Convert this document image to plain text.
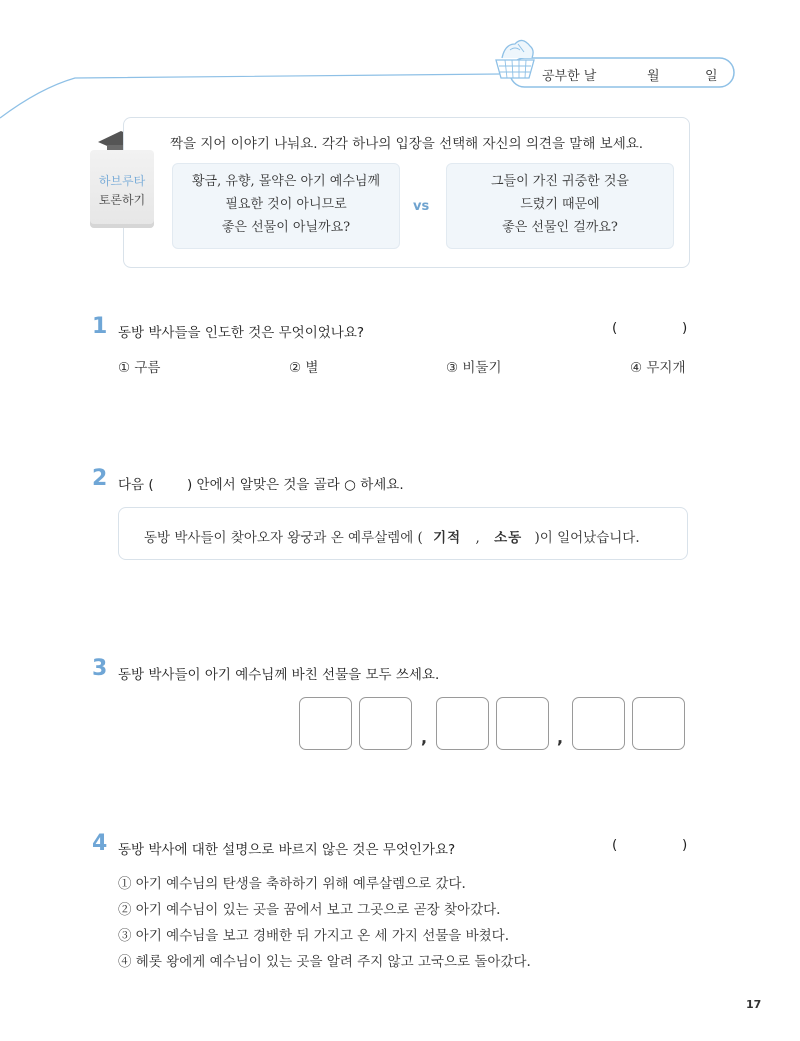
공부한 날	월	일
하브루타
토론하기
짝을 지어 이야기 나눠요. 각각 하나의 입장을 선택해 자신의 의견을 말해 보세요.
황금, 유향, 몰약은 아기 예수님께
필요한 것이 아니므로
좋은 선물이 아닐까요?
vs
그들이 가진 귀중한 것을
드렸기 때문에
좋은 선물인 걸까요?
1 동방 박사들을 인도한 것은 무엇이었나요?	(	)
① 구름	② 별	③ 비둘기	④ 무지개
2 다음 ( ) 안에서 알맞은 것을 골라 ○ 하세요.
동방 박사들이 찾아오자 왕궁과 온 예루살렘에 ( 기적 , 소동 )이 일어났습니다.
3 동방 박사들이 아기 예수님께 바친 선물을 모두 쓰세요.
,	,
4 동방 박사에 대한 설명으로 바르지 않은 것은 무엇인가요?	(	)
① 아기 예수님의 탄생을 축하하기 위해 예루살렘으로 갔다.
② 아기 예수님이 있는 곳을 꿈에서 보고 그곳으로 곧장 찾아갔다.
③ 아기 예수님을 보고 경배한 뒤 가지고 온 세 가지 선물을 바쳤다.
④ 헤롯 왕에게 예수님이 있는 곳을 알려 주지 않고 고국으로 돌아갔다.
17
